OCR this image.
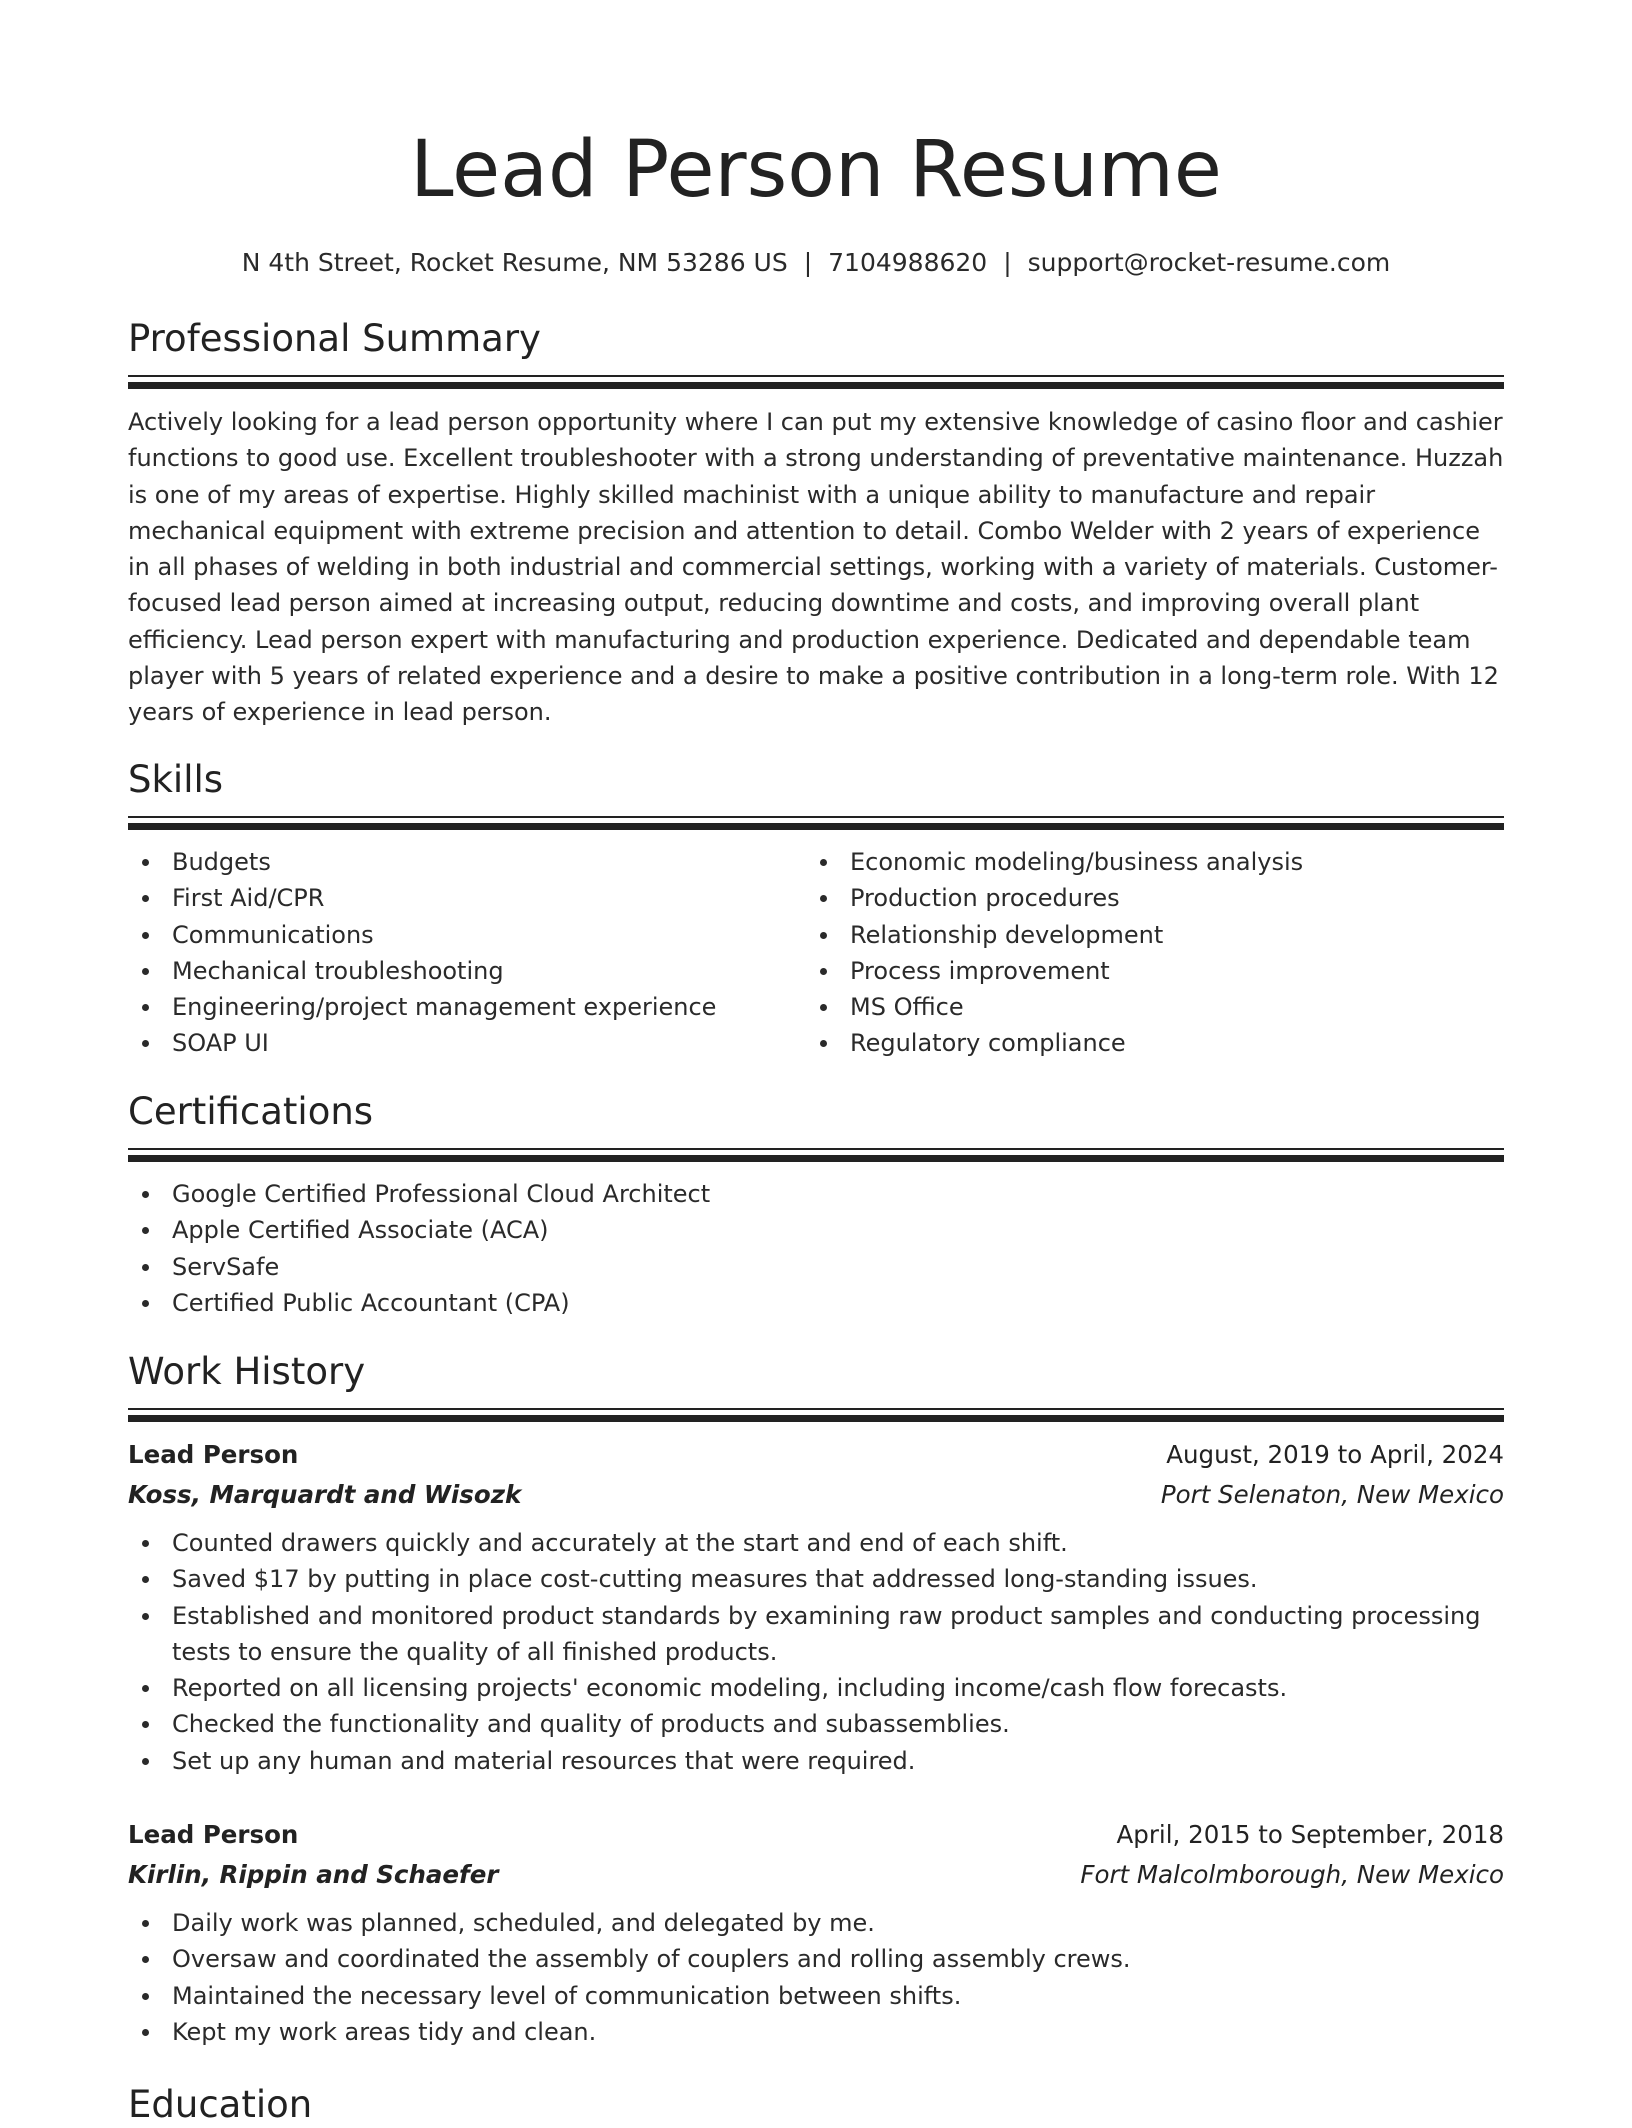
Lead Person Resume
N 4th Street, Rocket Resume, NM 53286 US | 7104988620 | support@rocket-resume.com
Professional Summary

Actively looking for a lead person opportunity where I can put my extensive knowledge of casino floor and cashier functions to good use. Excellent troubleshooter with a strong understanding of preventative maintenance. Huzzah is one of my areas of expertise. Highly skilled machinist with a unique ability to manufacture and repair mechanical equipment with extreme precision and attention to detail. Combo Welder with 2 years of experience in all phases of welding in both industrial and commercial settings, working with a variety of materials. Customer-focused lead person aimed at increasing output, reducing downtime and costs, and improving overall plant efficiency. Lead person expert with manufacturing and production experience. Dedicated and dependable team player with 5 years of related experience and a desire to make a positive contribution in a long-term role. With 12 years of experience in lead person.

Skills
Budgets
First Aid/CPR
Communications
Mechanical troubleshooting
Engineering/project management experience
SOAP UI
Economic modeling/business analysis
Production procedures
Relationship development
Process improvement
MS Office
Regulatory compliance
Certifications
Google Certified Professional Cloud Architect
Apple Certified Associate (ACA)
ServSafe
Certified Public Accountant (CPA)
Work History
Lead Person	August, 2019 to April, 2024
Koss, Marquardt and Wisozk	Port Selenaton, New Mexico
Counted drawers quickly and accurately at the start and end of each shift.
Saved $17 by putting in place cost-cutting measures that addressed long-standing issues.
Established and monitored product standards by examining raw product samples and conducting processing tests to ensure the quality of all finished products.
Reported on all licensing projects' economic modeling, including income/cash flow forecasts.
Checked the functionality and quality of products and subassemblies.
Set up any human and material resources that were required.
Lead Person	April, 2015 to September, 2018
Kirlin, Rippin and Schaefer	Fort Malcolmborough, New Mexico
Daily work was planned, scheduled, and delegated by me.
Oversaw and coordinated the assembly of couplers and rolling assembly crews.
Maintained the necessary level of communication between shifts.
Kept my work areas tidy and clean.
Education
